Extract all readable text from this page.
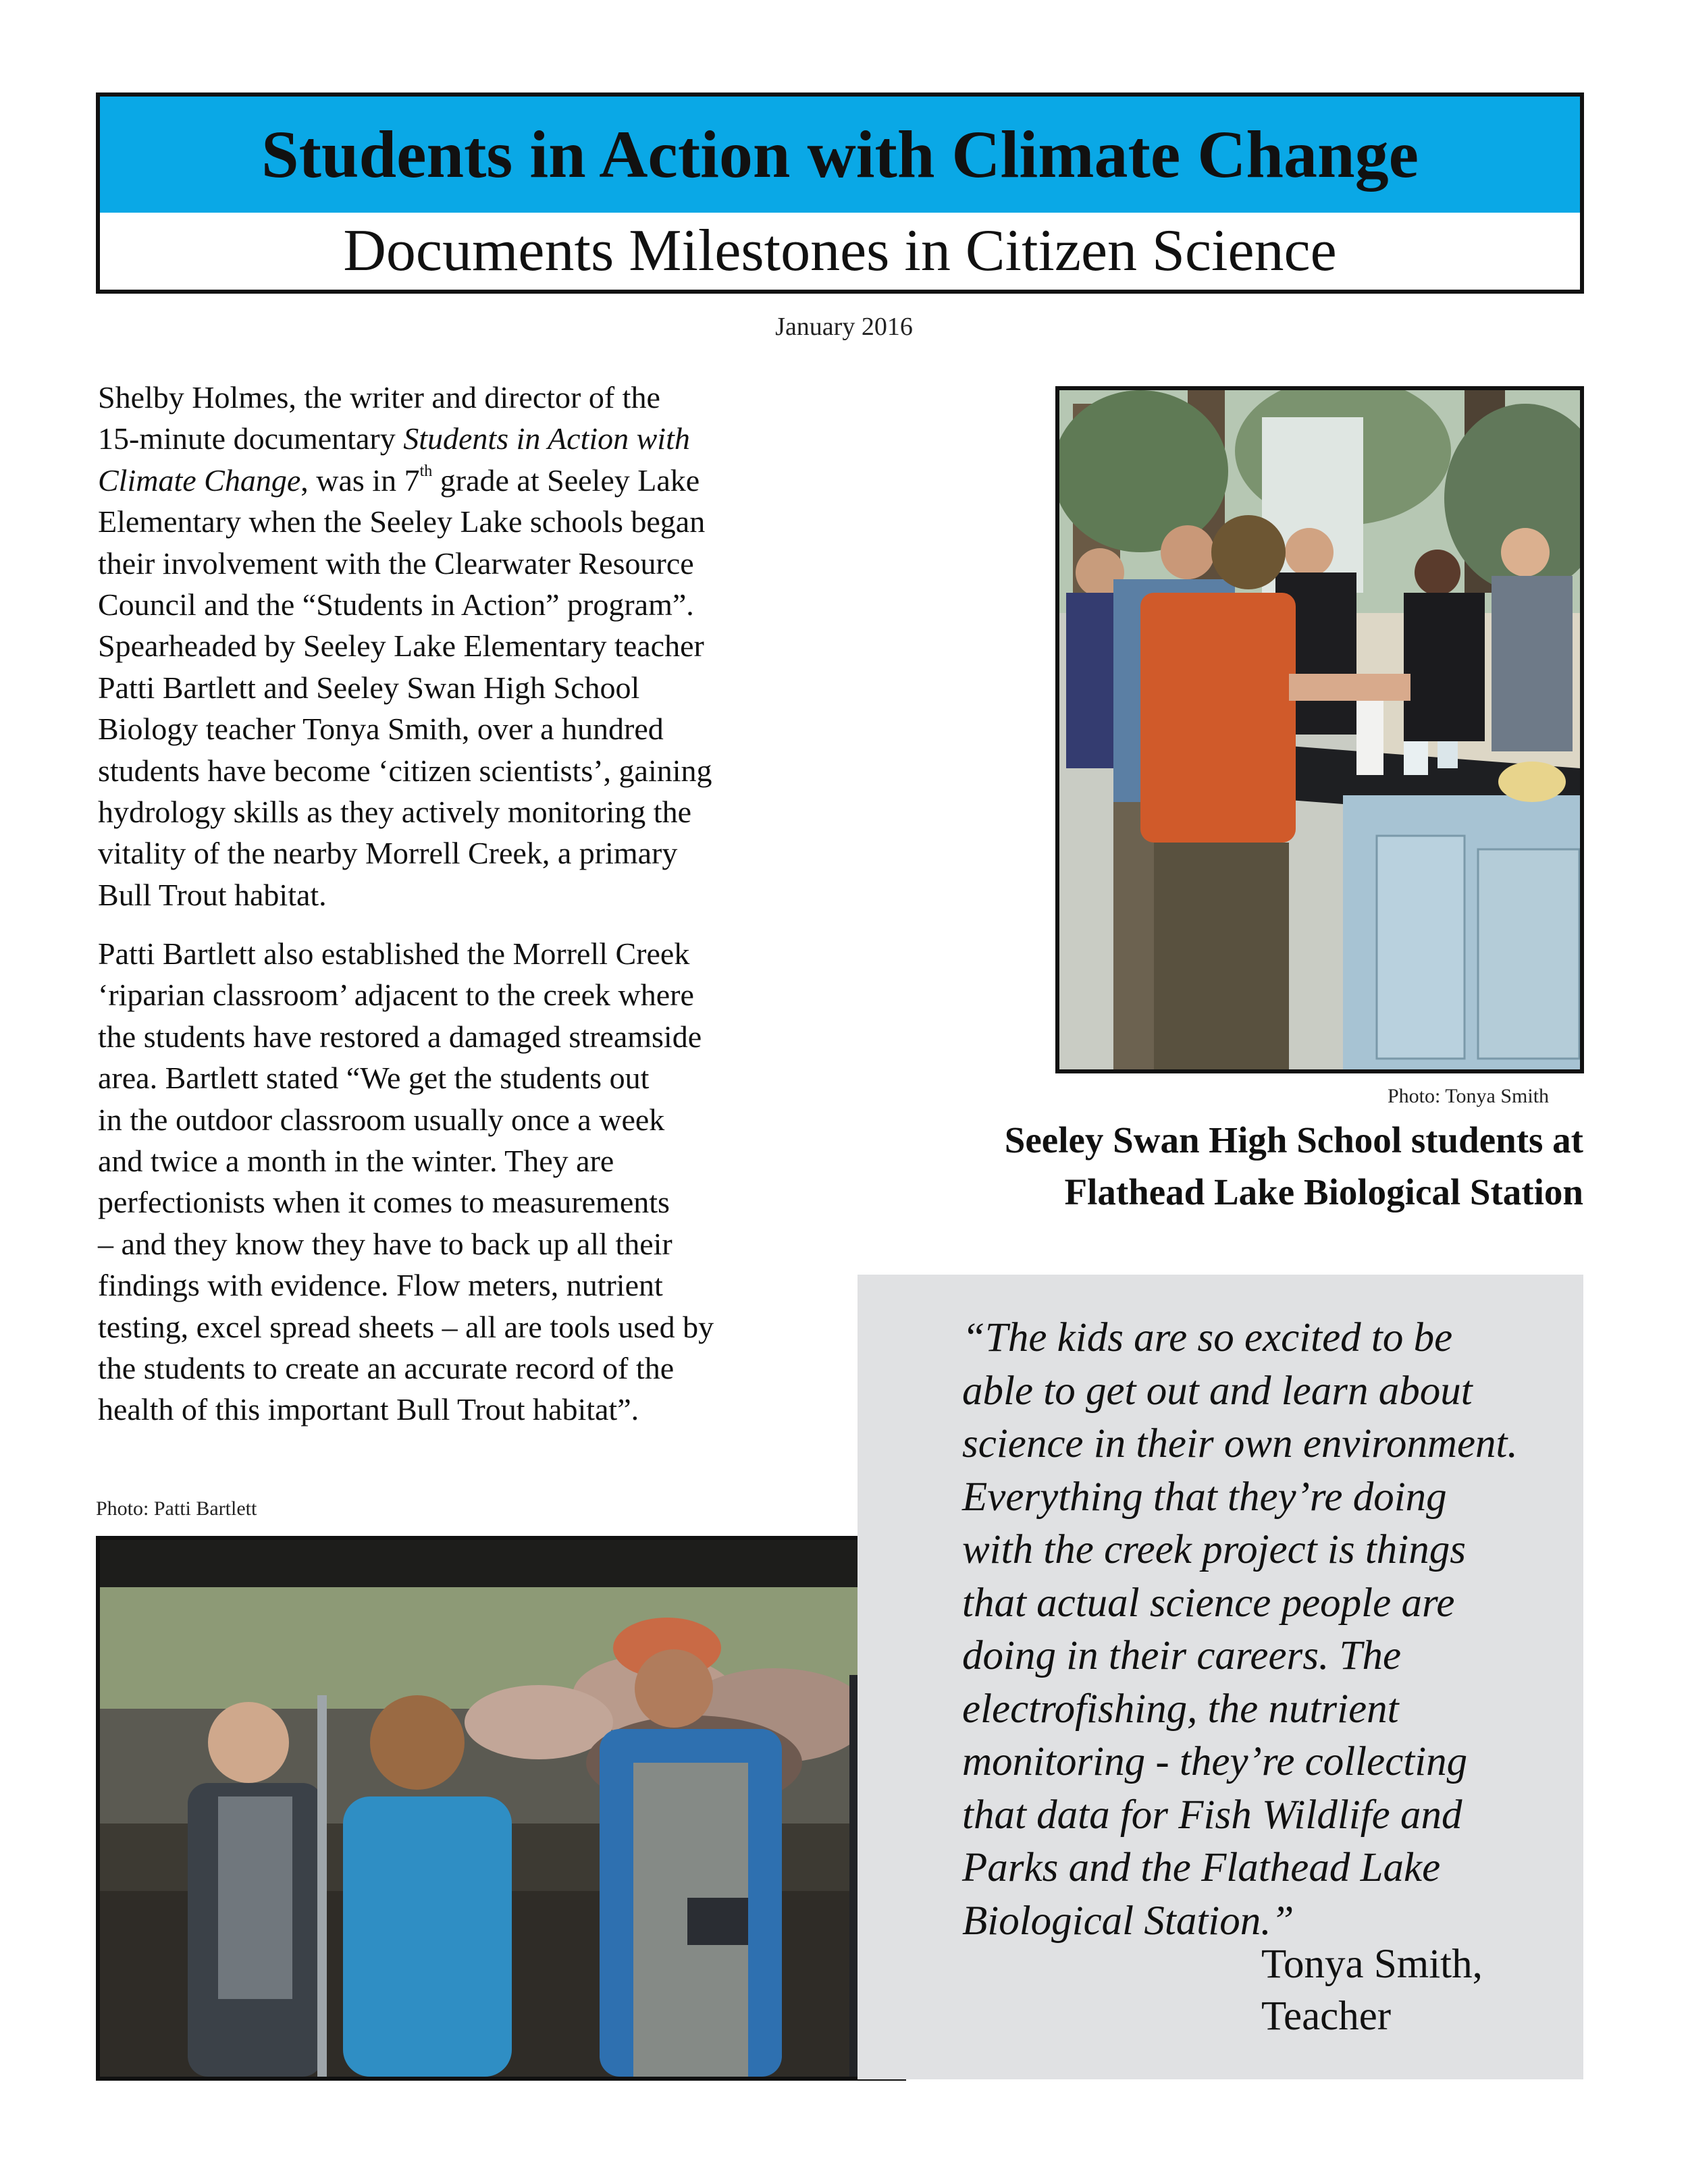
Students in Action with Climate Change
Documents Milestones in Citizen Science
January 2016

Shelby Holmes, the writer and director of the
15-minute documentary Students in Action with
Climate Change, was in 7th grade at Seeley Lake
Elementary when the Seeley Lake schools began
their involvement with the Clearwater Resource
Council and the “Students in Action” program”.
Spearheaded by Seeley Lake Elementary teacher
Patti Bartlett and Seeley Swan High School
Biology teacher Tonya Smith, over a hundred
students have become ‘citizen scientists’, gaining
hydrology skills as they actively monitoring the
vitality of the nearby Morrell Creek, a primary
Bull Trout habitat.

Patti Bartlett also established the Morrell Creek
‘riparian classroom’ adjacent to the creek where
the students have restored a damaged streamside
area. Bartlett stated “We get the students out
in the outdoor classroom usually once a week
and twice a month in the winter. They are
perfectionists when it comes to measurements
– and they know they have to back up all their
findings with evidence. Flow meters, nutrient
testing, excel spread sheets – all are tools used by
the students to create an accurate record of the
health of this important Bull Trout habitat”.

Photo: Tonya Smith
Seeley Swan High School students at
Flathead Lake Biological Station
Photo: Patti Bartlett
“The kids are so excited to be
able to get out and learn about
science in their own environment.
Everything that they’re doing
with the creek project is things
that actual science people are
doing in their careers. The
electrofishing, the nutrient
monitoring - they’re collecting
that data for Fish Wildlife and
Parks and the Flathead Lake
Biological Station.”
Tonya Smith,
Teacher
